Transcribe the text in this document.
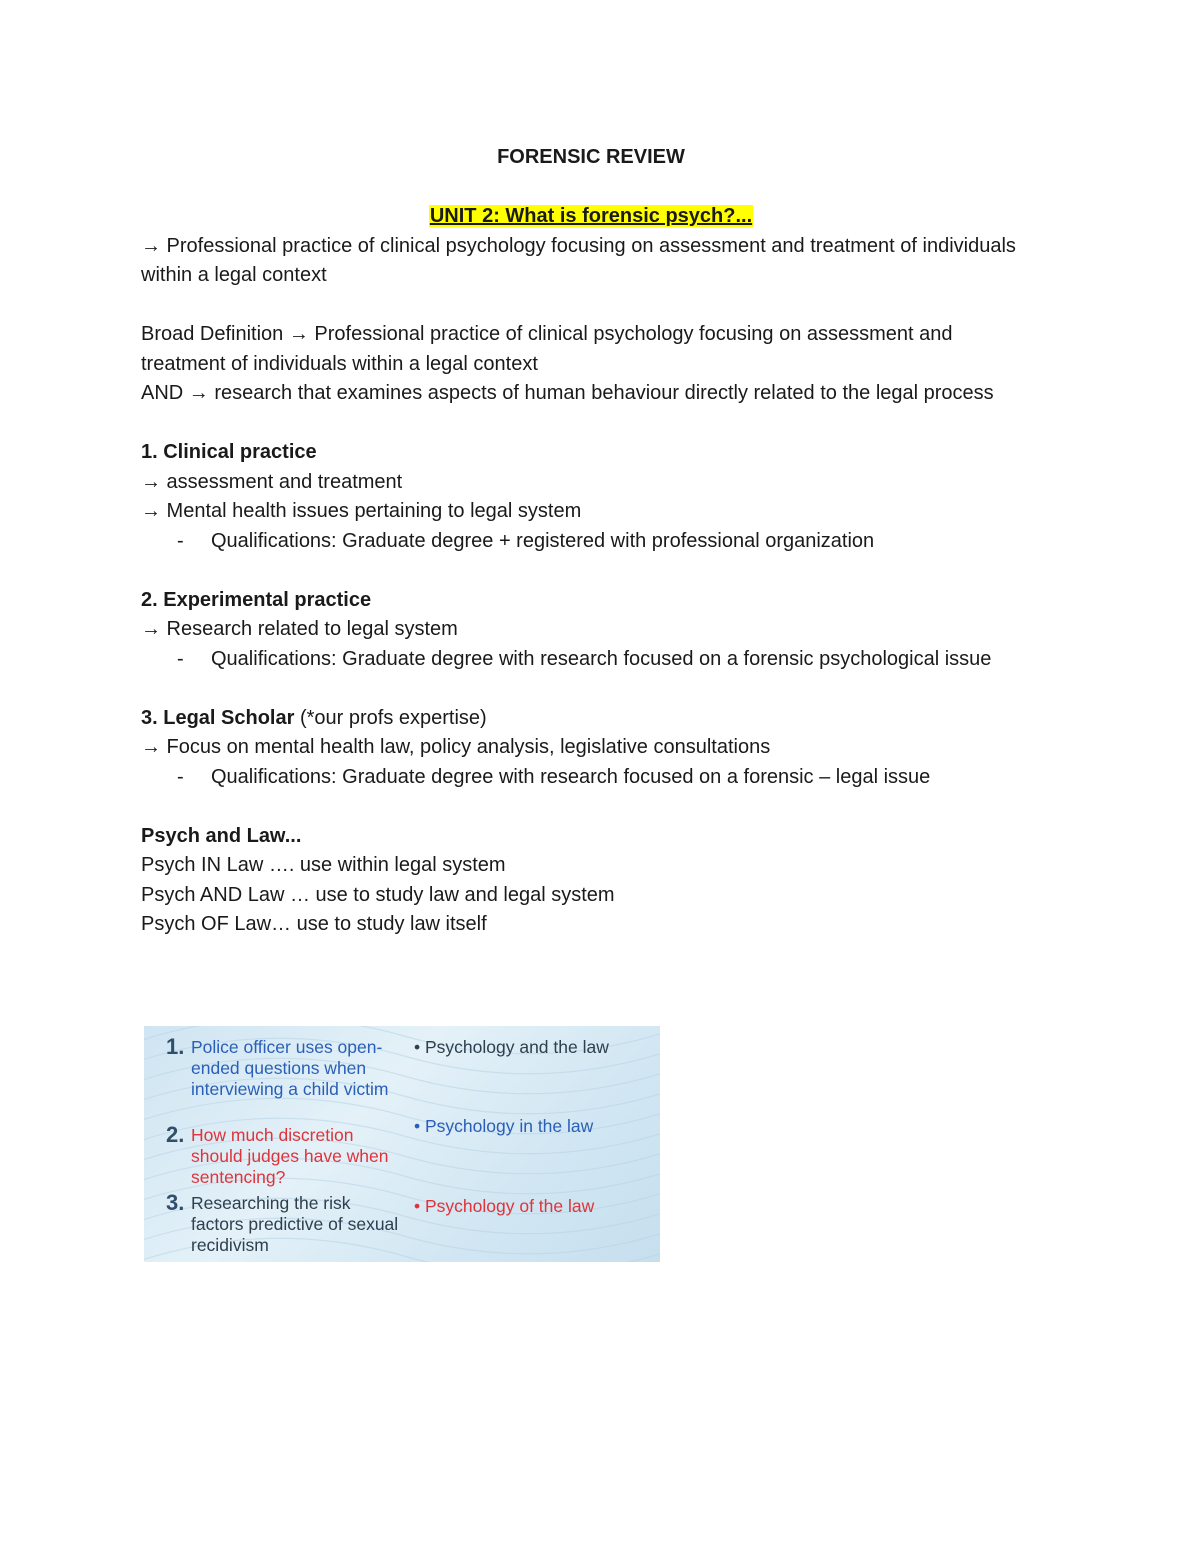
FORENSIC REVIEW

UNIT 2: What is forensic psych?...

→ Professional practice of clinical psychology focusing on assessment and treatment of individuals within a legal context

Broad Definition → Professional practice of clinical psychology focusing on assessment and treatment of individuals within a legal context

AND → research that examines aspects of human behaviour directly related to the legal process

1. Clinical practice

→ assessment and treatment

→ Mental health issues pertaining to legal system

- Qualifications: Graduate degree + registered with professional organization

2. Experimental practice

→ Research related to legal system

- Qualifications: Graduate degree with research focused on a forensic psychological issue

3. Legal Scholar (*our profs expertise)

→ Focus on mental health law, policy analysis, legislative consultations

- Qualifications: Graduate degree with research focused on a forensic – legal issue

Psych and Law...

Psych IN Law …. use within legal system

Psych AND Law … use to study law and legal system

Psych OF Law… use to study law itself

1. Police officer uses open-ended questions when interviewing a child victim
2. How much discretion should judges have when sentencing?
3. Researching the risk factors predictive of sexual recidivism
• Psychology and the law
• Psychology in the law
• Psychology of the law
